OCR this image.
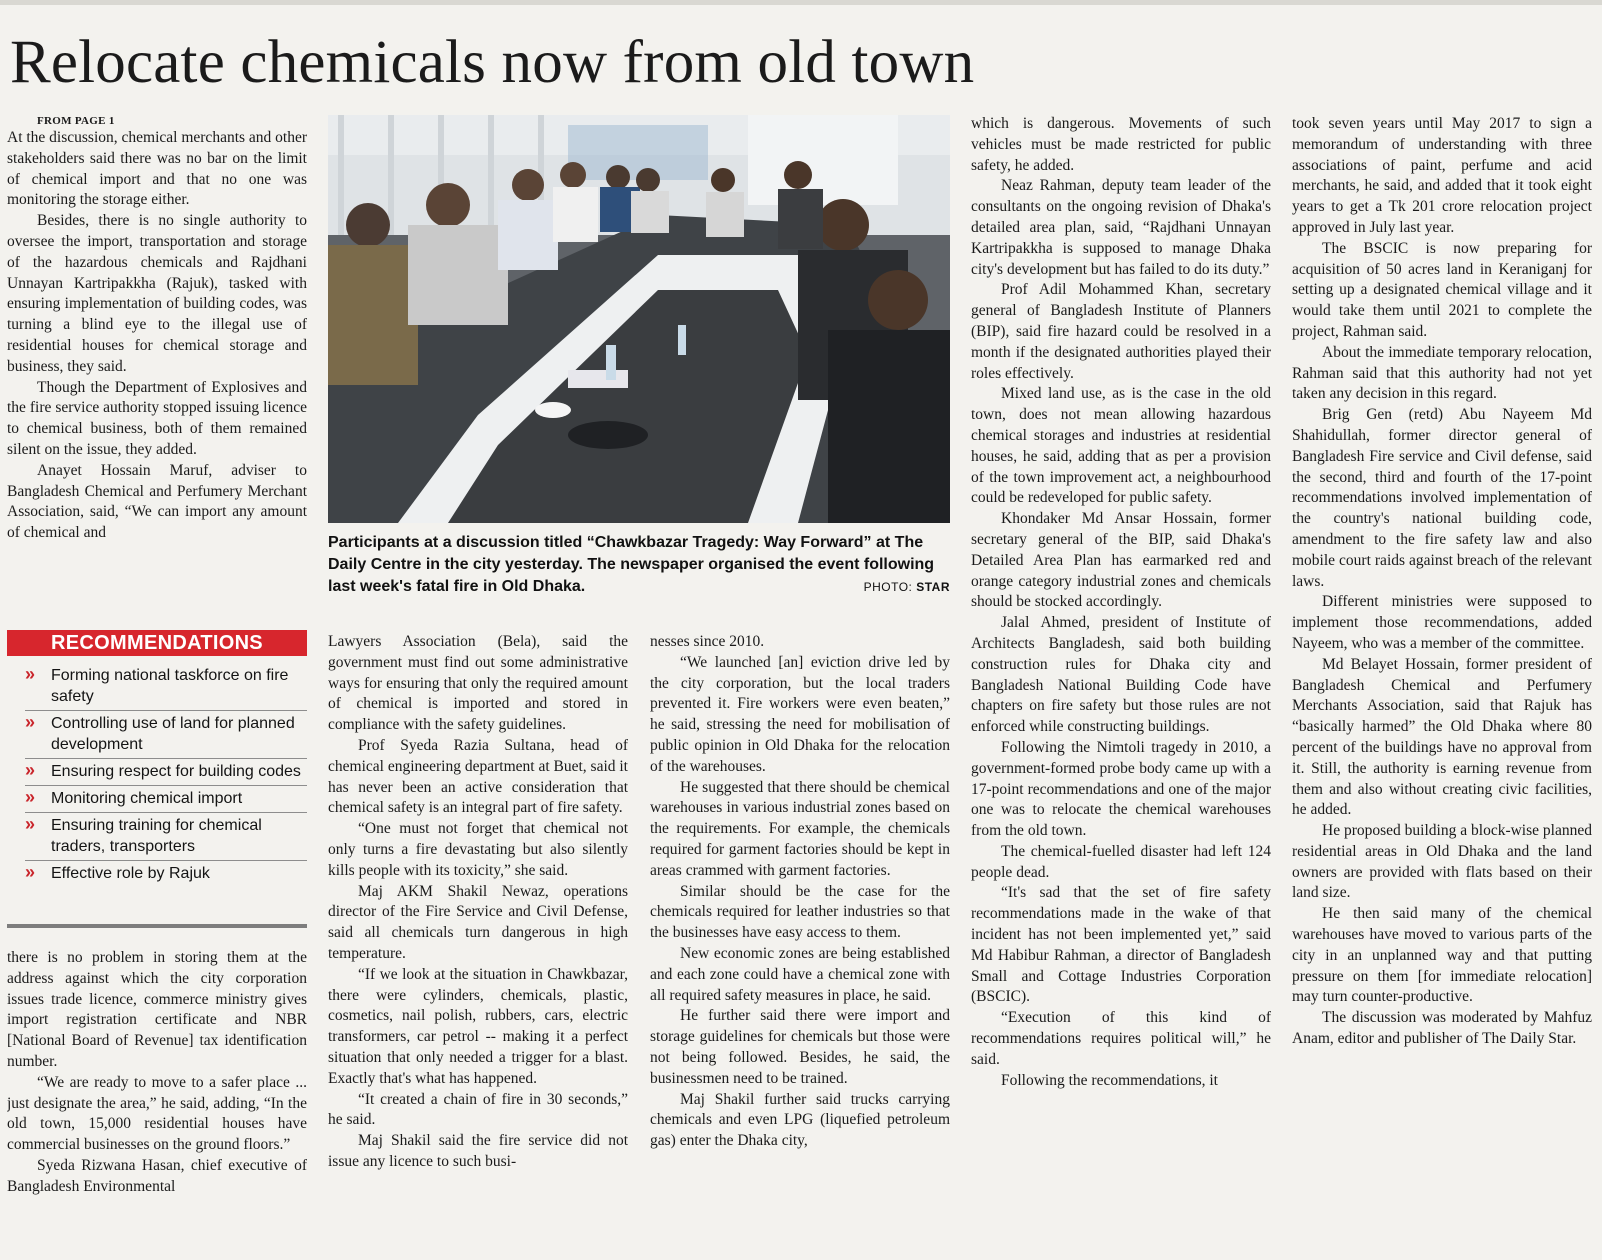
Relocate chemicals now from old town

FROM PAGE 1

At the discussion, chemical merchants and other stakeholders said there was no bar on the limit of chemical import and that no one was monitoring the storage either.

Besides, there is no single authority to oversee the import, transportation and storage of the hazardous chemicals and Rajdhani Unnayan Kartripakkha (Rajuk), tasked with ensuring implementation of building codes, was turning a blind eye to the illegal use of residential houses for chemical storage and business, they said.

Though the Department of Explosives and the fire service authority stopped issuing licence to chemical business, both of them remained silent on the issue, they added.

Anayet Hossain Maruf, adviser to Bangladesh Chemical and Perfumery Merchant Association, said, “We can import any amount of chemical and

RECOMMENDATIONS
» Forming national taskforce on fire safety
» Controlling use of land for planned development
» Ensuring respect for building codes
» Monitoring chemical import
» Ensuring training for chemical traders, transporters
» Effective role by Rajuk

there is no problem in storing them at the address against which the city corporation issues trade licence, commerce ministry gives import registration certificate and NBR [National Board of Revenue] tax identification number.

“We are ready to move to a safer place ... just designate the area,” he said, adding, “In the old town, 15,000 residential houses have commercial businesses on the ground floors.”

Syeda Rizwana Hasan, chief executive of Bangladesh Environmental

Participants at a discussion titled “Chawkbazar Tragedy: Way Forward” at The Daily Centre in the city yesterday. The newspaper organised the event following last week's fatal fire in Old Dhaka.	PHOTO: STAR

Lawyers Association (Bela), said the government must find out some administrative ways for ensuring that only the required amount of chemical is imported and stored in compliance with the safety guidelines.

Prof Syeda Razia Sultana, head of chemical engineering department at Buet, said it has never been an active consideration that chemical safety is an integral part of fire safety.

“One must not forget that chemical not only turns a fire devastating but also silently kills people with its toxicity,” she said.

Maj AKM Shakil Newaz, operations director of the Fire Service and Civil Defense, said all chemicals turn dangerous in high temperature.

“If we look at the situation in Chawkbazar, there were cylinders, chemicals, plastic, cosmetics, nail polish, rubbers, cars, electric transformers, car petrol -- making it a perfect situation that only needed a trigger for a blast. Exactly that's what has happened.

“It created a chain of fire in 30 seconds,” he said.

Maj Shakil said the fire service did not issue any licence to such busi-

nesses since 2010.

“We launched [an] eviction drive led by the city corporation, but the local traders prevented it. Fire workers were even beaten,” he said, stressing the need for mobilisation of public opinion in Old Dhaka for the relocation of the warehouses.

He suggested that there should be chemical warehouses in various industrial zones based on the requirements. For example, the chemicals required for garment factories should be kept in areas crammed with garment factories.

Similar should be the case for the chemicals required for leather industries so that the businesses have easy access to them.

New economic zones are being established and each zone could have a chemical zone with all required safety measures in place, he said.

He further said there were import and storage guidelines for chemicals but those were not being followed. Besides, he said, the businessmen need to be trained.

Maj Shakil further said trucks carrying chemicals and even LPG (liquefied petroleum gas) enter the Dhaka city,

which is dangerous. Movements of such vehicles must be made restricted for public safety, he added.

Neaz Rahman, deputy team leader of the consultants on the ongoing revision of Dhaka's detailed area plan, said, “Rajdhani Unnayan Kartripakkha is supposed to manage Dhaka city's development but has failed to do its duty.”

Prof Adil Mohammed Khan, secretary general of Bangladesh Institute of Planners (BIP), said fire hazard could be resolved in a month if the designated authorities played their roles effectively.

Mixed land use, as is the case in the old town, does not mean allowing hazardous chemical storages and industries at residential houses, he said, adding that as per a provision of the town improvement act, a neighbourhood could be redeveloped for public safety.

Khondaker Md Ansar Hossain, former secretary general of the BIP, said Dhaka's Detailed Area Plan has earmarked red and orange category industrial zones and chemicals should be stocked accordingly.

Jalal Ahmed, president of Institute of Architects Bangladesh, said both building construction rules for Dhaka city and Bangladesh National Building Code have chapters on fire safety but those rules are not enforced while constructing buildings.

Following the Nimtoli tragedy in 2010, a government-formed probe body came up with a 17-point recommendations and one of the major one was to relocate the chemical warehouses from the old town.

The chemical-fuelled disaster had left 124 people dead.

“It's sad that the set of fire safety recommendations made in the wake of that incident has not been implemented yet,” said Md Habibur Rahman, a director of Bangladesh Small and Cottage Industries Corporation (BSCIC).

“Execution of this kind of recommendations requires political will,” he said.

Following the recommendations, it

took seven years until May 2017 to sign a memorandum of understanding with three associations of paint, perfume and acid merchants, he said, and added that it took eight years to get a Tk 201 crore relocation project approved in July last year.

The BSCIC is now preparing for acquisition of 50 acres land in Keraniganj for setting up a designated chemical village and it would take them until 2021 to complete the project, Rahman said.

About the immediate temporary relocation, Rahman said that this authority had not yet taken any decision in this regard.

Brig Gen (retd) Abu Nayeem Md Shahidullah, former director general of Bangladesh Fire service and Civil defense, said the second, third and fourth of the 17-point recommendations involved implementation of the country's national building code, amendment to the fire safety law and also mobile court raids against breach of the relevant laws.

Different ministries were supposed to implement those recommendations, added Nayeem, who was a member of the committee.

Md Belayet Hossain, former president of Bangladesh Chemical and Perfumery Merchants Association, said that Rajuk has “basically harmed” the Old Dhaka where 80 percent of the buildings have no approval from it. Still, the authority is earning revenue from them and also without creating civic facilities, he added.

He proposed building a block-wise planned residential areas in Old Dhaka and the land owners are provided with flats based on their land size.

He then said many of the chemical warehouses have moved to various parts of the city in an unplanned way and that putting pressure on them [for immediate relocation] may turn counter-productive.

The discussion was moderated by Mahfuz Anam, editor and publisher of The Daily Star.
